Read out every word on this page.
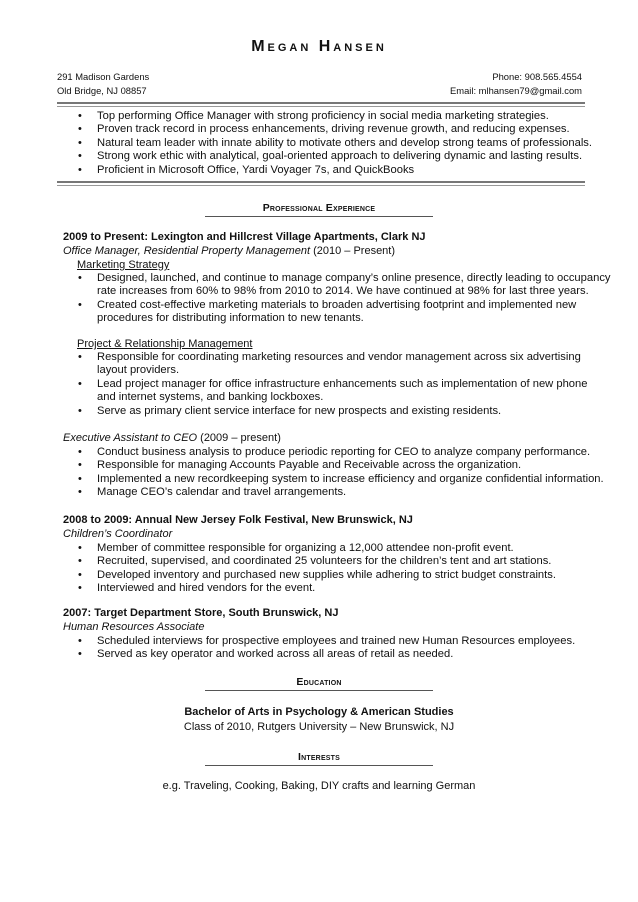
Megan Hansen
291 Madison Gardens	Phone: 908.565.4554
Old Bridge, NJ 08857	Email: mlhansen79@gmail.com
• Top performing Office Manager with strong proficiency in social media marketing strategies.
• Proven track record in process enhancements, driving revenue growth, and reducing expenses.
• Natural team leader with innate ability to motivate others and develop strong teams of professionals.
• Strong work ethic with analytical, goal-oriented approach to delivering dynamic and lasting results.
• Proficient in Microsoft Office, Yardi Voyager 7s, and QuickBooks
Professional Experience
2009 to Present: Lexington and Hillcrest Village Apartments, Clark NJ
Office Manager, Residential Property Management (2010 – Present)
Marketing Strategy
• Designed, launched, and continue to manage company’s online presence, directly leading to occupancy
rate increases from 60% to 98% from 2010 to 2014. We have continued at 98% for last three years.
• Created cost-effective marketing materials to broaden advertising footprint and implemented new
procedures for distributing information to new tenants.
Project & Relationship Management
• Responsible for coordinating marketing resources and vendor management across six advertising
layout providers.
• Lead project manager for office infrastructure enhancements such as implementation of new phone
and internet systems, and banking lockboxes.
• Serve as primary client service interface for new prospects and existing residents.
Executive Assistant to CEO (2009 – present)
• Conduct business analysis to produce periodic reporting for CEO to analyze company performance.
• Responsible for managing Accounts Payable and Receivable across the organization.
• Implemented a new recordkeeping system to increase efficiency and organize confidential information.
• Manage CEO’s calendar and travel arrangements.
2008 to 2009: Annual New Jersey Folk Festival, New Brunswick, NJ
Children’s Coordinator
• Member of committee responsible for organizing a 12,000 attendee non-profit event.
• Recruited, supervised, and coordinated 25 volunteers for the children’s tent and art stations.
• Developed inventory and purchased new supplies while adhering to strict budget constraints.
• Interviewed and hired vendors for the event.
2007: Target Department Store, South Brunswick, NJ
Human Resources Associate
• Scheduled interviews for prospective employees and trained new Human Resources employees.
• Served as key operator and worked across all areas of retail as needed.
Education
Bachelor of Arts in Psychology & American Studies
Class of 2010, Rutgers University – New Brunswick, NJ
Interests
e.g. Traveling, Cooking, Baking, DIY crafts and learning German
